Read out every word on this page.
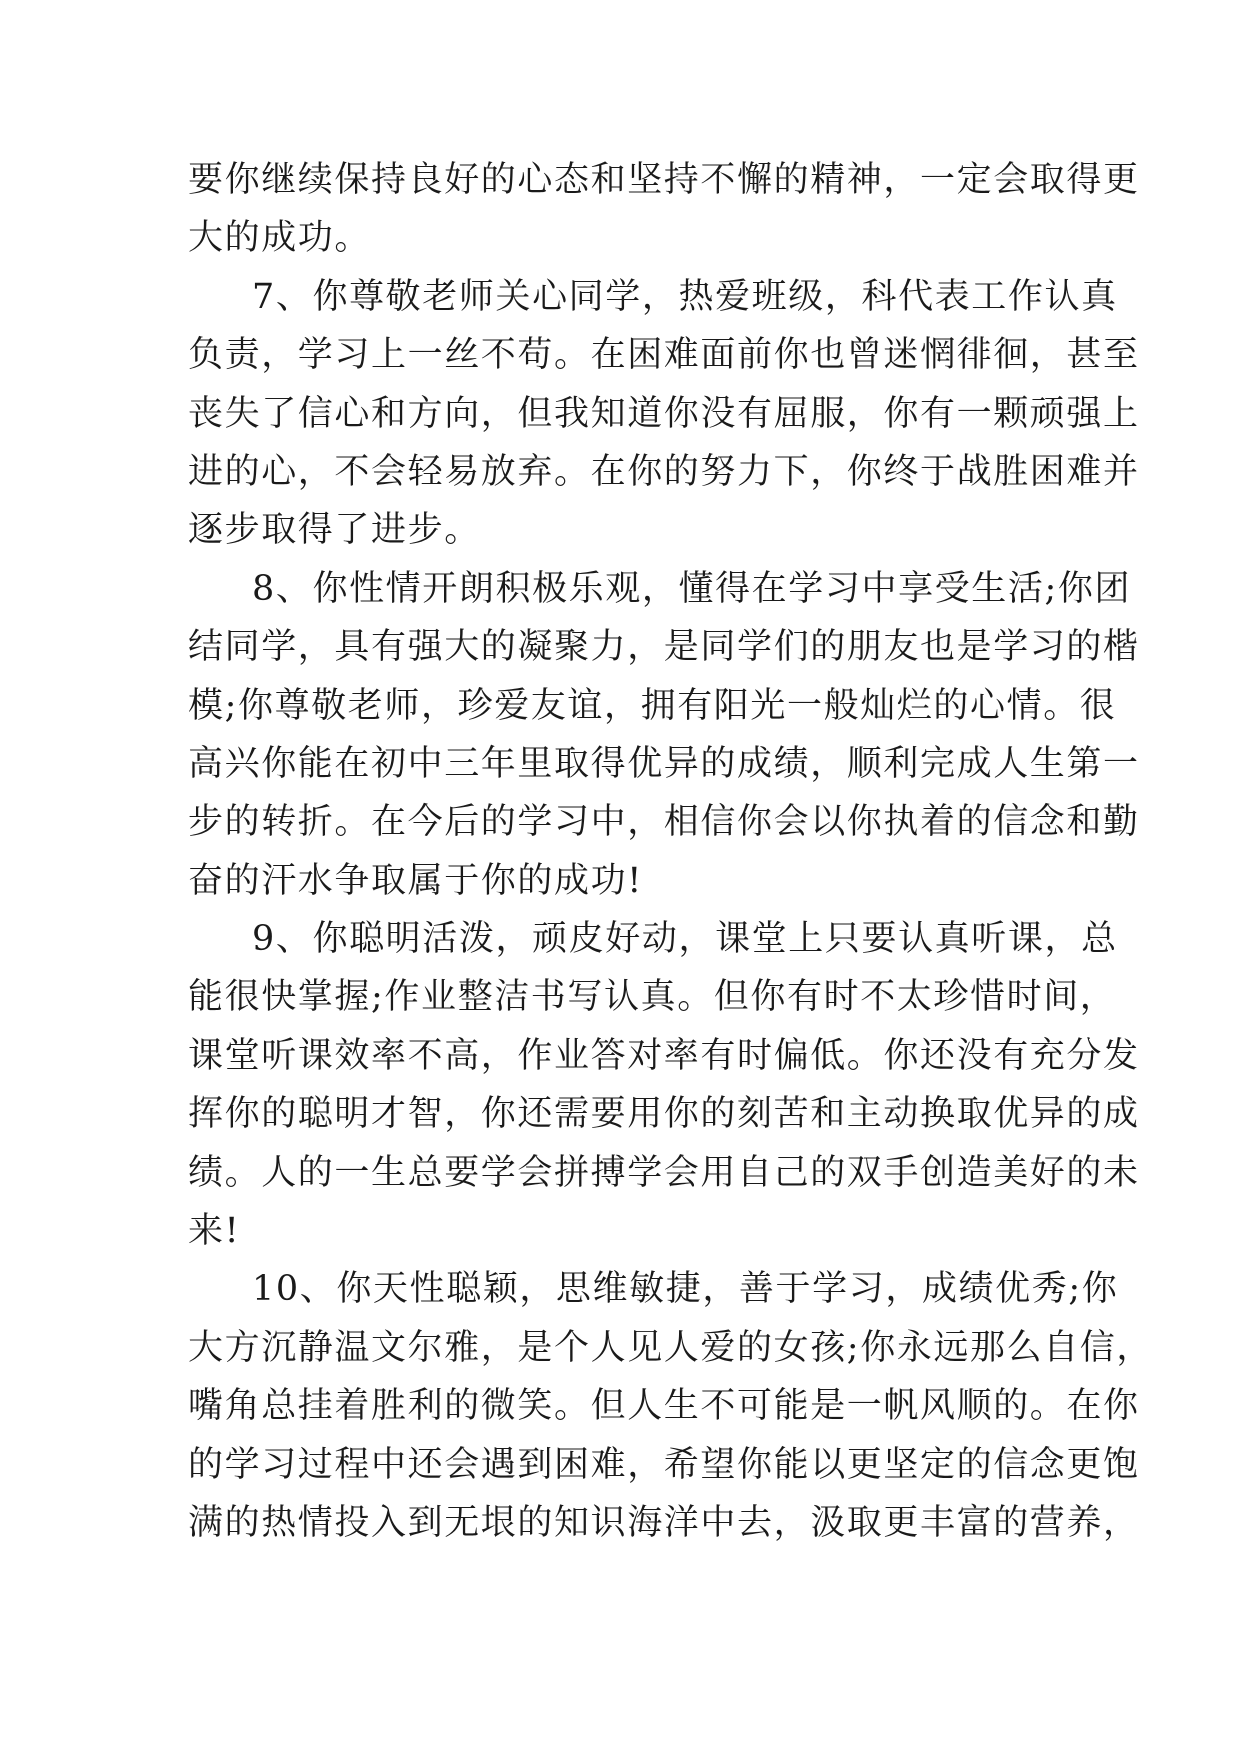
要你继续保持良好的心态和坚持不懈的精神，一定会取得更

大的成功。

7、你尊敬老师关心同学，热爱班级，科代表工作认真

负责，学习上一丝不苟。在困难面前你也曾迷惘徘徊，甚至

丧失了信心和方向，但我知道你没有屈服，你有一颗顽强上

进的心，不会轻易放弃。在你的努力下，你终于战胜困难并

逐步取得了进步。

8、你性情开朗积极乐观，懂得在学习中享受生活;你团

结同学，具有强大的凝聚力，是同学们的朋友也是学习的楷

模;你尊敬老师，珍爱友谊，拥有阳光一般灿烂的心情。很

高兴你能在初中三年里取得优异的成绩，顺利完成人生第一

步的转折。在今后的学习中，相信你会以你执着的信念和勤

奋的汗水争取属于你的成功!

9、你聪明活泼，顽皮好动，课堂上只要认真听课，总

能很快掌握;作业整洁书写认真。但你有时不太珍惜时间，

课堂听课效率不高，作业答对率有时偏低。你还没有充分发

挥你的聪明才智，你还需要用你的刻苦和主动换取优异的成

绩。人的一生总要学会拼搏学会用自己的双手创造美好的未

来!

10、你天性聪颖，思维敏捷，善于学习，成绩优秀;你

大方沉静温文尔雅，是个人见人爱的女孩;你永远那么自信，

嘴角总挂着胜利的微笑。但人生不可能是一帆风顺的。在你

的学习过程中还会遇到困难，希望你能以更坚定的信念更饱

满的热情投入到无垠的知识海洋中去，汲取更丰富的营养，
